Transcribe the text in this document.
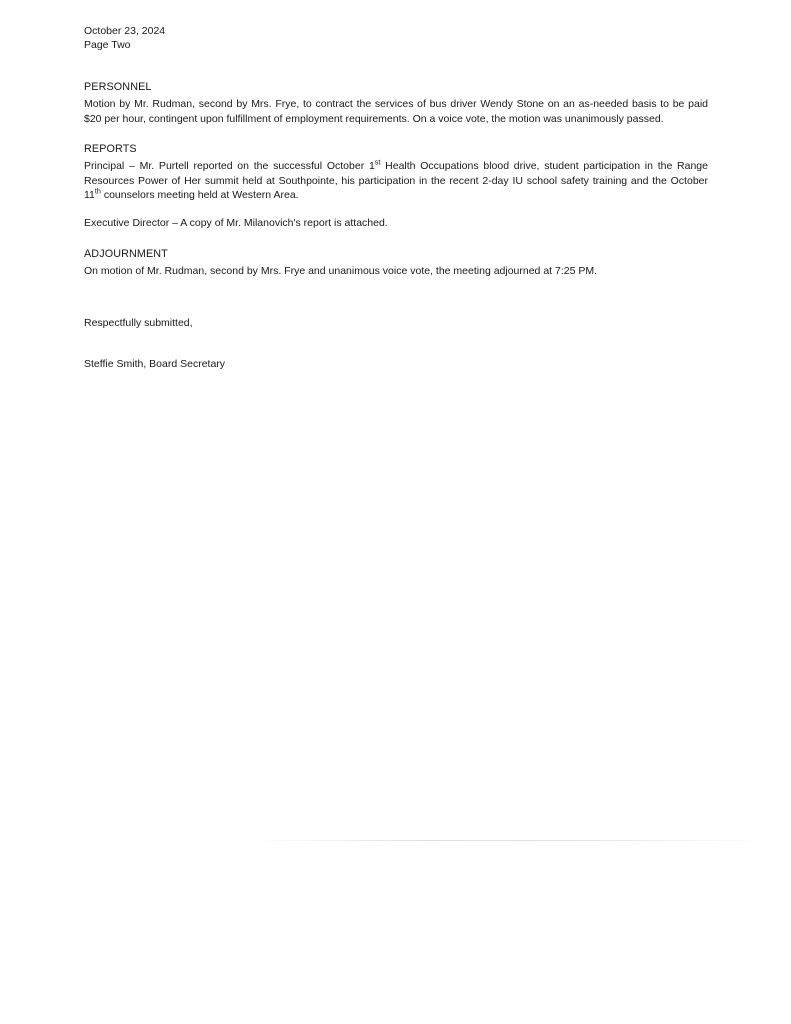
October 23, 2024
Page Two
PERSONNEL

Motion by Mr. Rudman, second by Mrs. Frye, to contract the services of bus driver Wendy Stone on an as-needed basis to be paid $20 per hour, contingent upon fulfillment of employment requirements. On a voice vote, the motion was unanimously passed.

REPORTS

Principal – Mr. Purtell reported on the successful October 1st Health Occupations blood drive, student participation in the Range Resources Power of Her summit held at Southpointe, his participation in the recent 2-day IU school safety training and the October 11th counselors meeting held at Western Area.

Executive Director – A copy of Mr. Milanovich's report is attached.

ADJOURNMENT

On motion of Mr. Rudman, second by Mrs. Frye and unanimous voice vote, the meeting adjourned at 7:25 PM.

Respectfully submitted,
Steffie Smith, Board Secretary
